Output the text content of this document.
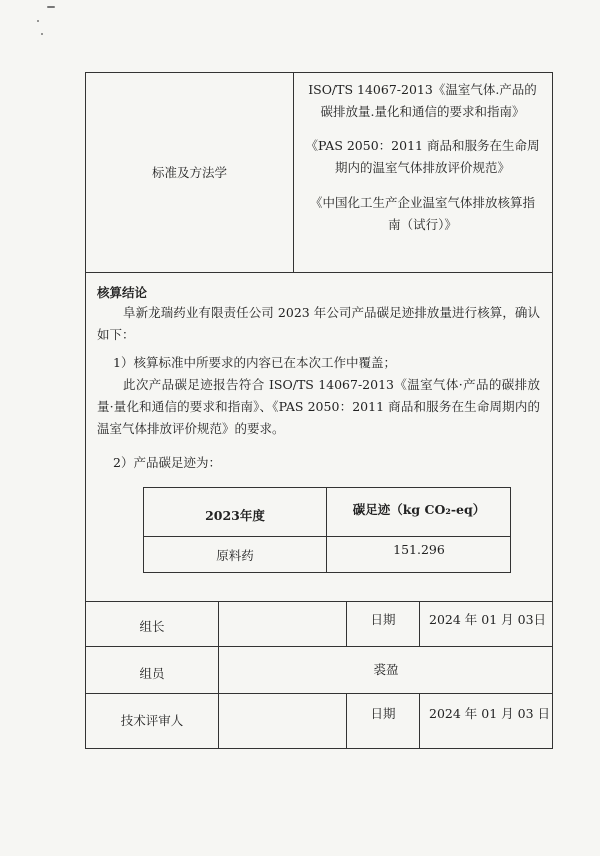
标准及方法学
ISO/TS 14067-2013《温室气体.产品的碳排放量.量化和通信的要求和指南》
《PAS 2050：2011 商品和服务在生命周期内的温室气体排放评价规范》
《中国化工生产企业温室气体排放核算指南（试行）》
核算结论
阜新龙瑞药业有限责任公司 2023 年公司产品碳足迹排放量进行核算，确认如下：
1）核算标准中所要求的内容已在本次工作中覆盖；
此次产品碳足迹报告符合 ISO/TS 14067-2013《温室气体·产品的碳排放量·量化和通信的要求和指南》、《PAS 2050：2011 商品和服务在生命周期内的温室气体排放评价规范》的要求。
2）产品碳足迹为：
2023年度	碳足迹（kg CO₂-eq）
原料药	151.296
组长	日期	2024 年 01 月 03日
组员	裘盈
技术评审人	日期	2024 年 01 月 03 日
